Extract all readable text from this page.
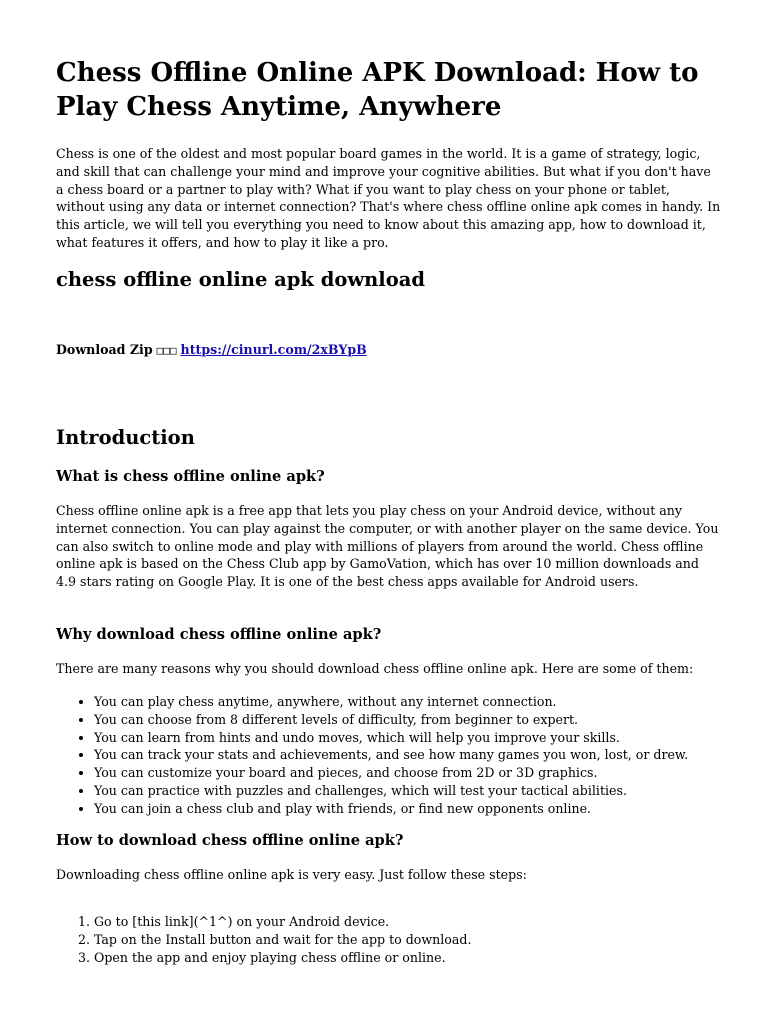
Chess Offline Online APK Download: How to Play Chess Anytime, Anywhere

Chess is one of the oldest and most popular board games in the world. It is a game of strategy, logic, and skill that can challenge your mind and improve your cognitive abilities. But what if you don't have a chess board or a partner to play with? What if you want to play chess on your phone or tablet, without using any data or internet connection? That's where chess offline online apk comes in handy. In this article, we will tell you everything you need to know about this amazing app, how to download it, what features it offers, and how to play it like a pro.

chess offline online apk download
Download Zip □□□ https://cinurl.com/2xBYpB
Introduction
What is chess offline online apk?

Chess offline online apk is a free app that lets you play chess on your Android device, without any internet connection. You can play against the computer, or with another player on the same device. You can also switch to online mode and play with millions of players from around the world. Chess offline online apk is based on the Chess Club app by GamoVation, which has over 10 million downloads and 4.9 stars rating on Google Play. It is one of the best chess apps available for Android users.

Why download chess offline online apk?

There are many reasons why you should download chess offline online apk. Here are some of them:

• You can play chess anytime, anywhere, without any internet connection.
• You can choose from 8 different levels of difficulty, from beginner to expert.
• You can learn from hints and undo moves, which will help you improve your skills.
• You can track your stats and achievements, and see how many games you won, lost, or drew.
• You can customize your board and pieces, and choose from 2D or 3D graphics.
• You can practice with puzzles and challenges, which will test your tactical abilities.
• You can join a chess club and play with friends, or find new opponents online.
How to download chess offline online apk?

Downloading chess offline online apk is very easy. Just follow these steps:

1. Go to [this link](^1^) on your Android device.
2. Tap on the Install button and wait for the app to download.
3. Open the app and enjoy playing chess offline or online.
